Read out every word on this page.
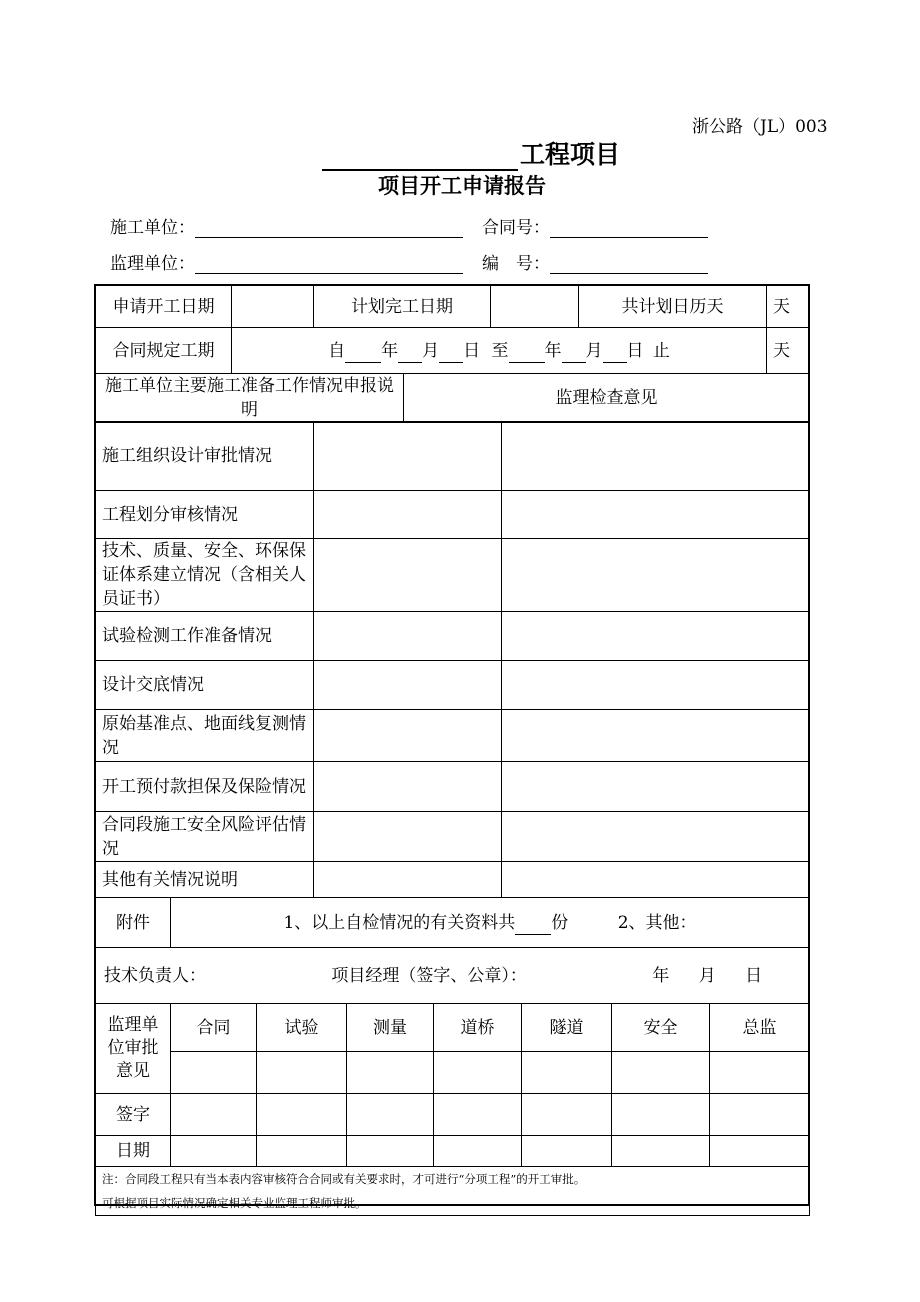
浙公路（JL）003
工程项目
项目开工申请报告
施工单位：	合同号：
监理单位：	编　号：
申请开工日期		计划完工日期			共计划日历天	天
合同规定工期	自 年 月 日 至 年 月 日 止					天
施工单位主要施工准备工作情况申报说明			监理检查意见			
施工组织设计审批情况		
工程划分审核情况		
技术、质量、安全、环保保证体系建立情况（含相关人员证书）		
试验检测工作准备情况		
设计交底情况		
原始基准点、地面线复测情况		
开工预付款担保及保险情况		
合同段施工安全风险评估情况		
其他有关情况说明		
附件	1、以上自检情况的有关资料共 份	2、其他：
技术负责人：	项目经理（签字、公章）：	年 月 日
监理单位审批意见	合同	试验	测量	道桥	隧道	安全	总监

签字							
日期							

注：合同段工程只有当本表内容审核符合合同或有关要求时，才可进行“分项工程”的开工审批。
可根据项目实际情况确定相关专业监理工程师审批。							
